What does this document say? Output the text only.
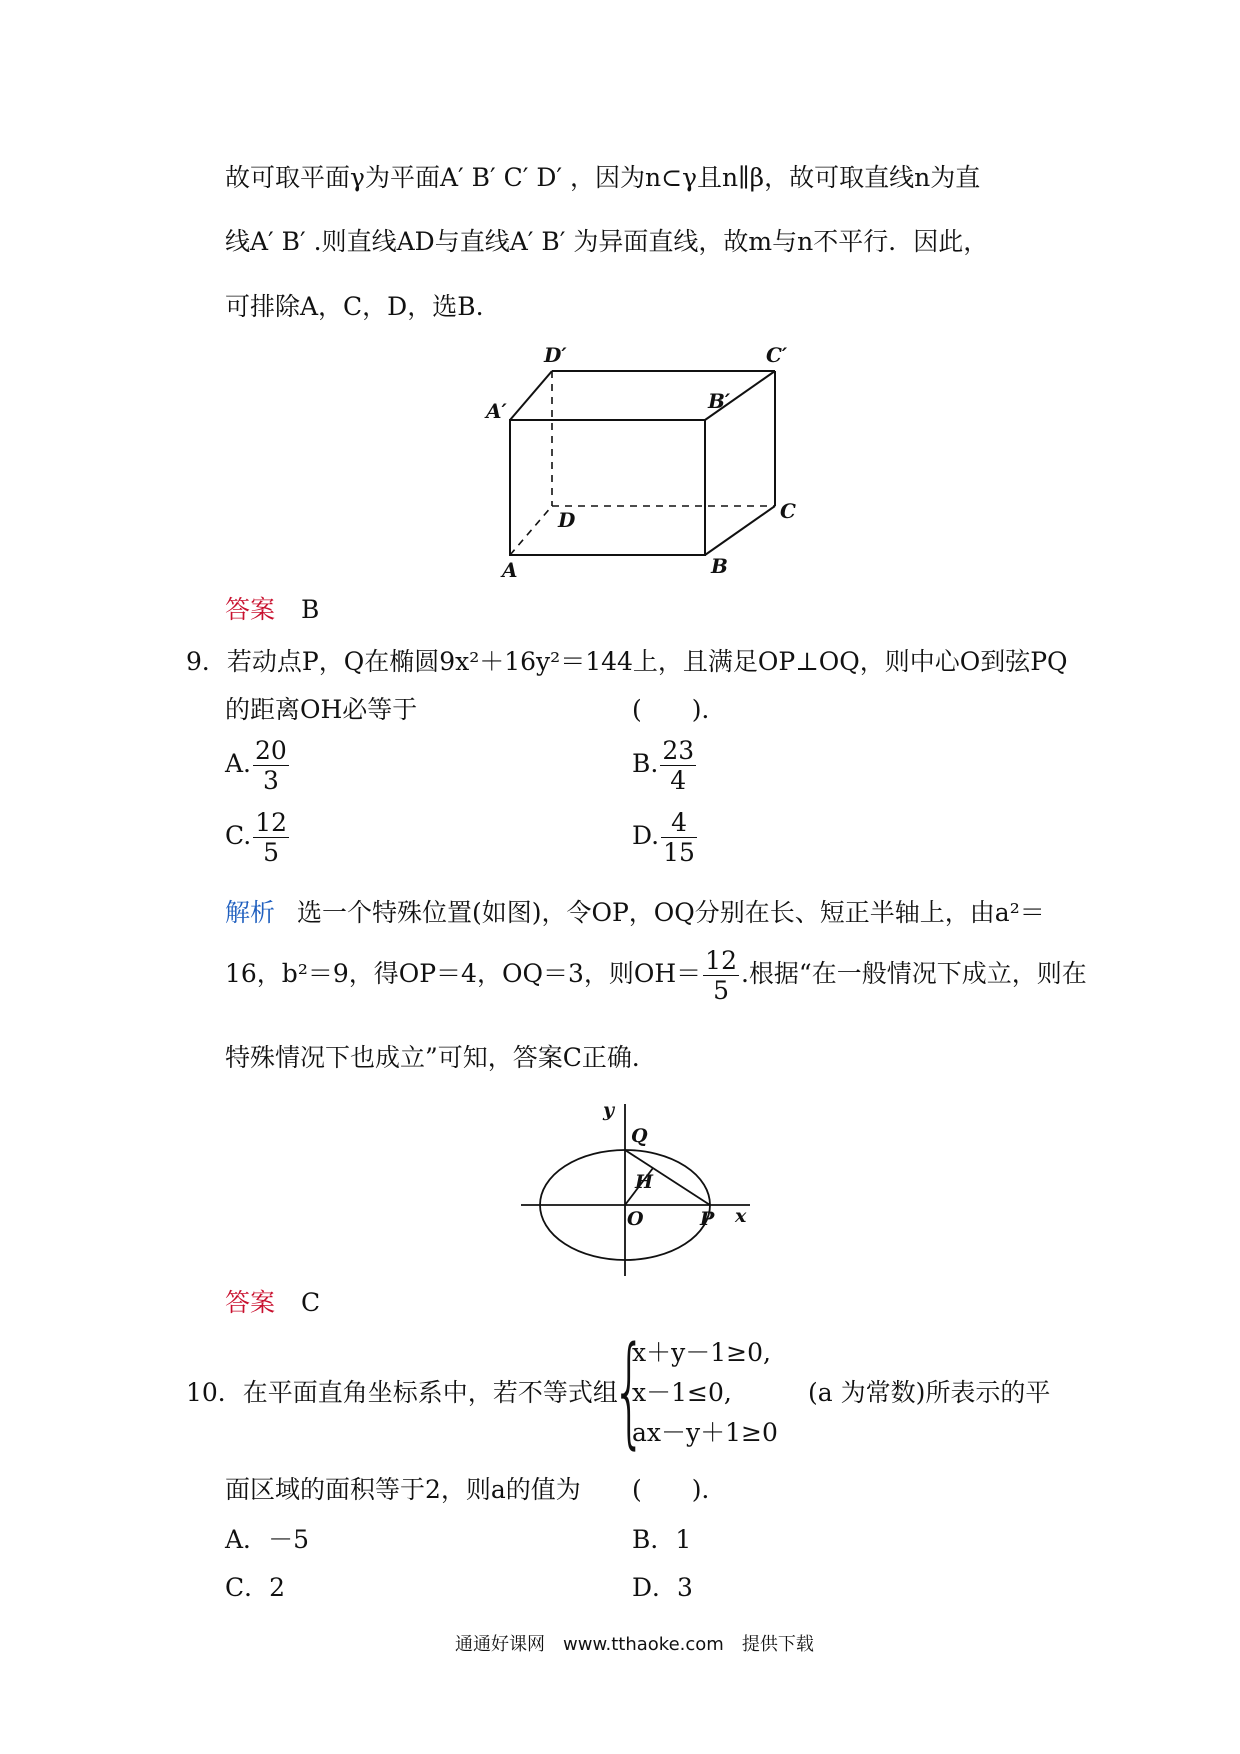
故可取平面γ为平面A′ B′ C′ D′ ，因为n⊂γ且n∥β，故可取直线n为直
线A′ B′ .则直线AD与直线A′ B′ 为异面直线，故m与n不平行．因此，
可排除A，C，D，选B.
D′	C′
A′	B′
D	C
A	B
答案 B
9．若动点P，Q在椭圆9x²＋16y²＝144上，且满足OP⊥OQ，则中心O到弦PQ
的距离OH必等于	(　　)．
A. $\frac{20}{3}$	B. $\frac{23}{4}$
C. $\frac{12}{5}$	D. $\frac{4}{15}$
解析 选一个特殊位置(如图)，令OP，OQ分别在长、短正半轴上，由a²＝
16，b²＝9，得OP＝4，OQ＝3，则$OH= \frac{12}{5}$ .根据“在一般情况下成立，则在
特殊情况下也成立”可知，答案C正确．
y
Q
H
O	P x
答案 C
10．在平面直角坐标系中，若不等式组
{
x＋y－1≥0,
x－1≤0,
ax－y＋1≥0
(a 为常数)所表示的平
面区域的面积等于2，则a的值为 (　　)．
A．－5	B．1
C．2	D．3
通通好课网　www.tthaoke.com　提供下载
